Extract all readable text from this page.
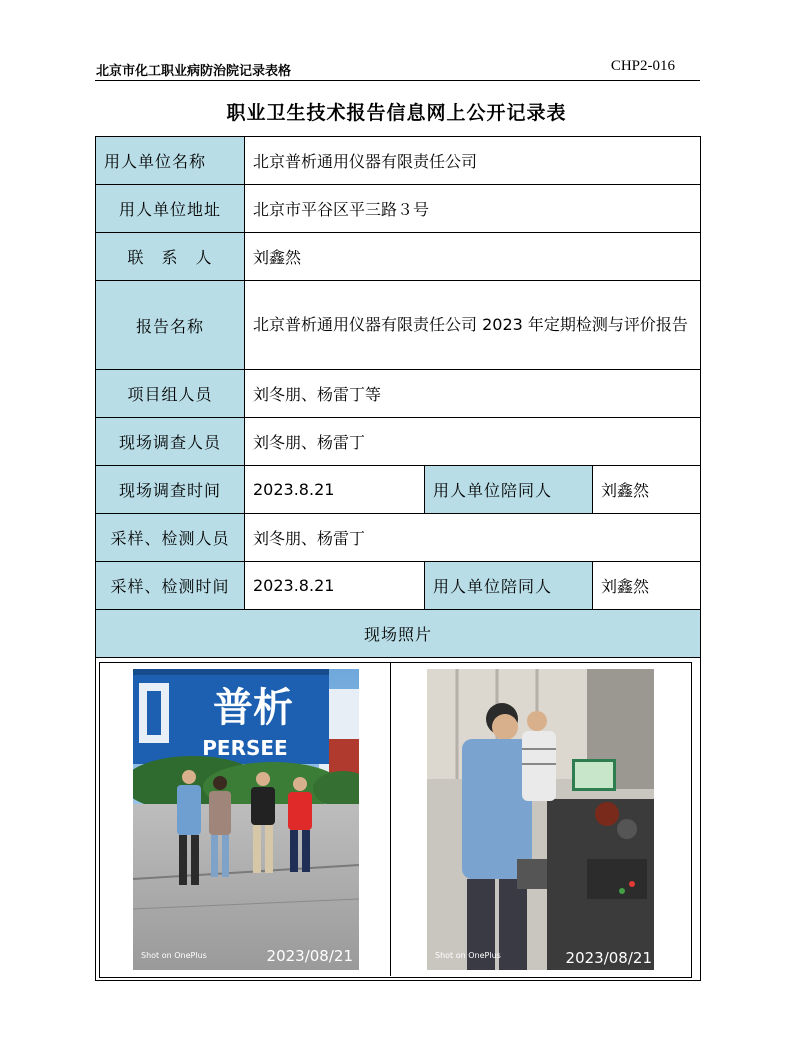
北京市化工职业病防治院记录表格	CHP2-016
职业卫生技术报告信息网上公开记录表
用人单位名称	北京普析通用仪器有限责任公司		
用人单位地址	北京市平谷区平三路３号		
联　系　人	刘鑫然		
报告名称	北京普析通用仪器有限责任公司 2023 年定期检测与评价报告		
项目组人员	刘冬朋、杨雷丁等		
现场调查人员	刘冬朋、杨雷丁		
现场调查时间	2023.8.21	用人单位陪同人	刘鑫然
采样、检测人员	刘冬朋、杨雷丁		
采样、检测时间	2023.8.21	用人单位陪同人	刘鑫然
现场照片			

普析
PERSEE
Shot on OnePlus	2023/08/21	Shot on OnePlus	2023/08/21
